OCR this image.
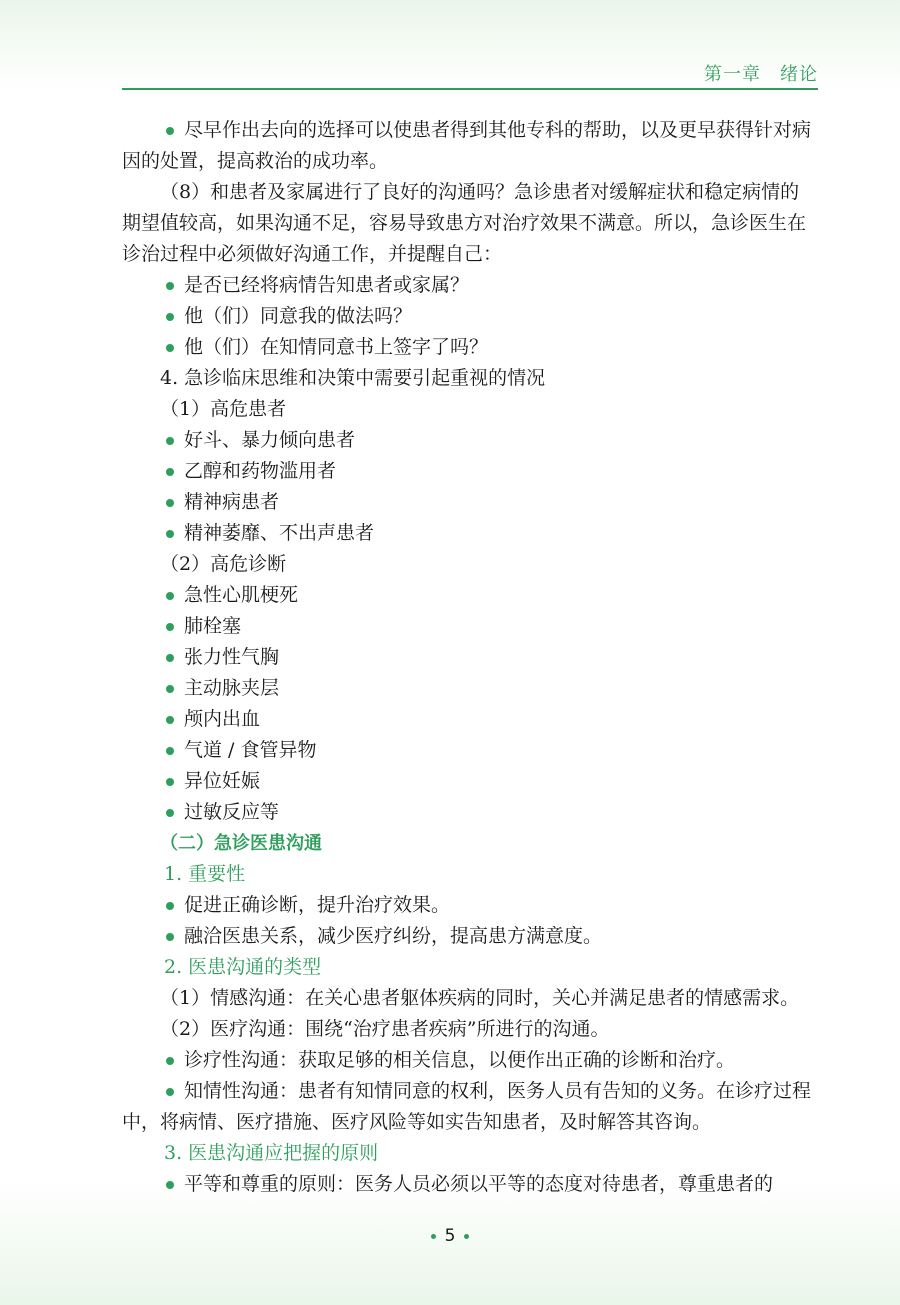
第一章　绪论

尽早作出去向的选择可以使患者得到其他专科的帮助，以及更早获得针对病因的处置，提高救治的成功率。

（8）和患者及家属进行了良好的沟通吗？急诊患者对缓解症状和稳定病情的期望值较高，如果沟通不足，容易导致患方对治疗效果不满意。所以，急诊医生在诊治过程中必须做好沟通工作，并提醒自己：

是否已经将病情告知患者或家属？

他（们）同意我的做法吗？

他（们）在知情同意书上签字了吗？

4. 急诊临床思维和决策中需要引起重视的情况

（1）高危患者

好斗、暴力倾向患者

乙醇和药物滥用者

精神病患者

精神萎靡、不出声患者

（2）高危诊断

急性心肌梗死

肺栓塞

张力性气胸

主动脉夹层

颅内出血

气道 / 食管异物

异位妊娠

过敏反应等

（二）急诊医患沟通

1. 重要性

促进正确诊断，提升治疗效果。

融洽医患关系，减少医疗纠纷，提高患方满意度。

2. 医患沟通的类型

（1）情感沟通：在关心患者躯体疾病的同时，关心并满足患者的情感需求。

（2）医疗沟通：围绕“治疗患者疾病”所进行的沟通。

诊疗性沟通：获取足够的相关信息，以便作出正确的诊断和治疗。

知情性沟通：患者有知情同意的权利，医务人员有告知的义务。在诊疗过程中，将病情、医疗措施、医疗风险等如实告知患者，及时解答其咨询。

3. 医患沟通应把握的原则

平等和尊重的原则：医务人员必须以平等的态度对待患者，尊重患者的

5
